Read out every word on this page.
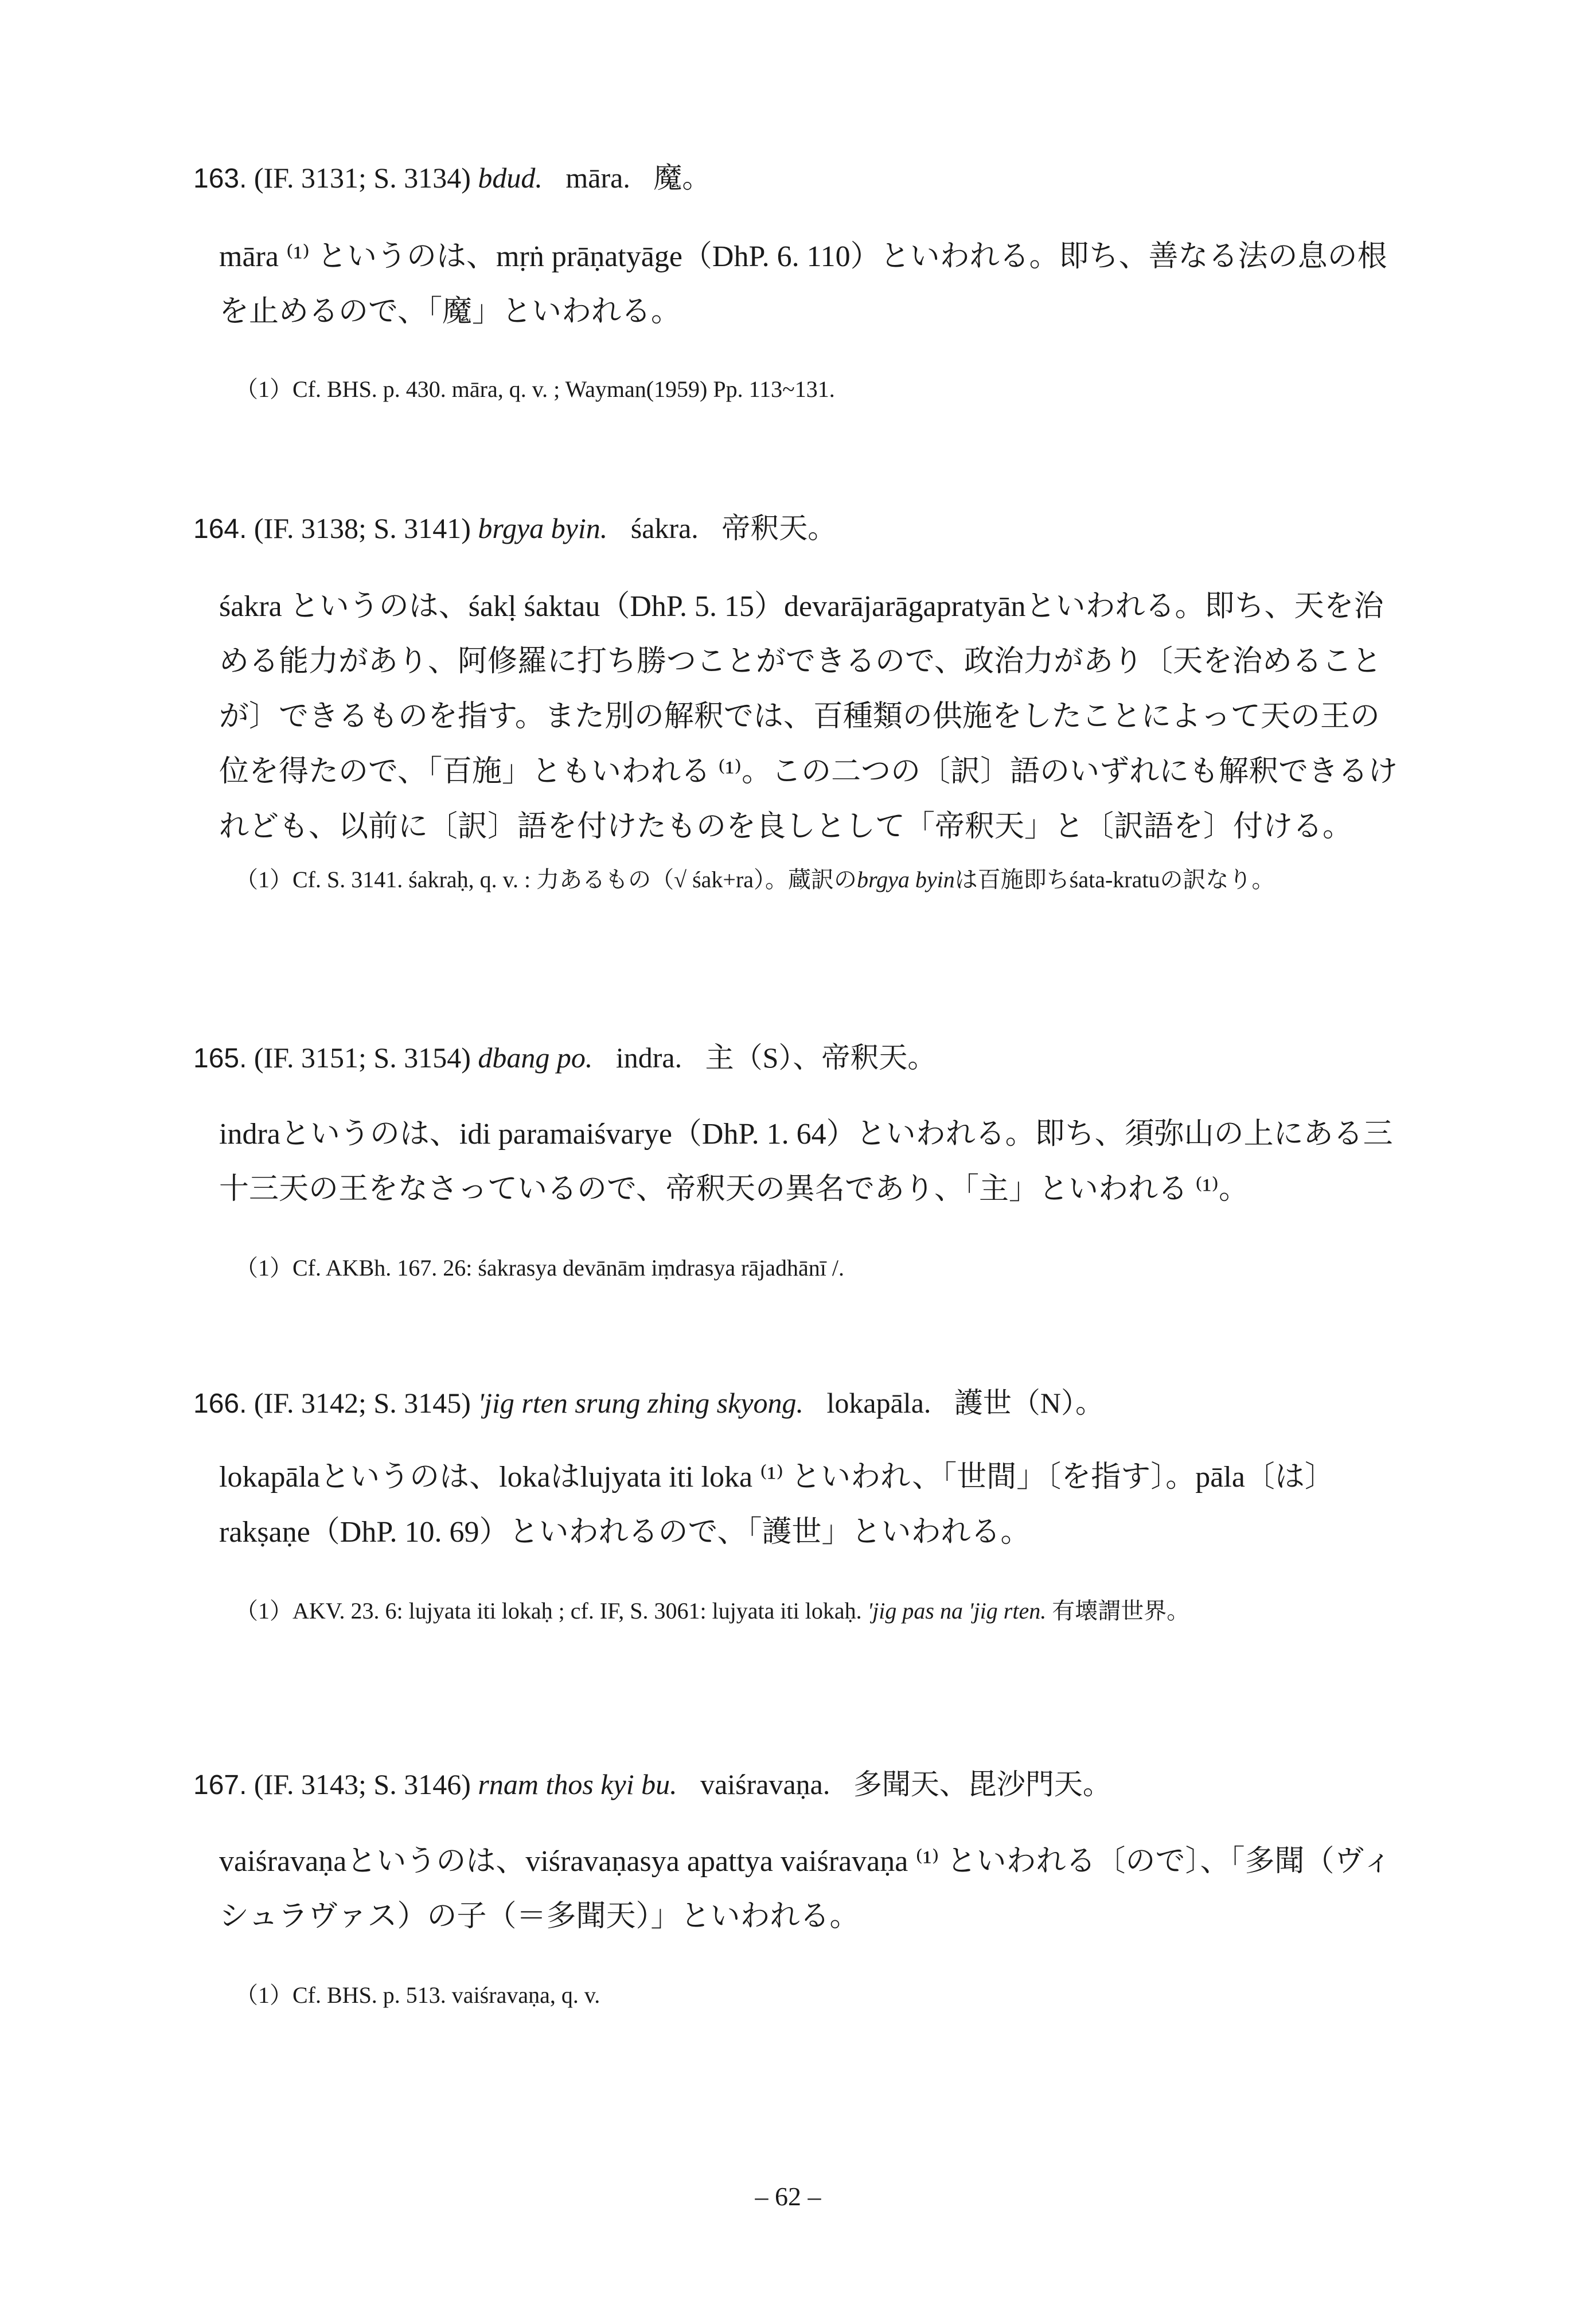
163. (IF. 3131; S. 3134) bdud. māra. 魔。
māra ⁽¹⁾ というのは、mṛṅ prāṇatyāge（DhP. 6. 110）といわれる。即ち、善なる法の息の根を止めるので、「魔」といわれる。
（1）Cf. BHS. p. 430. māra, q. v. ; Wayman(1959) Pp. 113~131.
164. (IF. 3138; S. 3141) brgya byin. śakra. 帝釈天。
śakra というのは、śakḷ śaktau（DhP. 5. 15）devarājarāgapratyānといわれる。即ち、天を治める能力があり、阿修羅に打ち勝つことができるので、政治力があり〔天を治めることが〕できるものを指す。また別の解釈では、百種類の供施をしたことによって天の王の位を得たので、「百施」ともいわれる ⁽¹⁾。この二つの〔訳〕語のいずれにも解釈できるけれども、以前に〔訳〕語を付けたものを良しとして「帝釈天」と〔訳語を〕付ける。
（1）Cf. S. 3141. śakraḥ, q. v. : 力あるもの（√ śak+ra）。蔵訳のbrgya byinは百施即ちśata-kratuの訳なり。
165. (IF. 3151; S. 3154) dbang po. indra. 主（S）、帝釈天。
indraというのは、idi paramaiśvarye（DhP. 1. 64）といわれる。即ち、須弥山の上にある三十三天の王をなさっているので、帝釈天の異名であり、「主」といわれる ⁽¹⁾。
（1）Cf. AKBh. 167. 26: śakrasya devānām iṃdrasya rājadhānī /.
166. (IF. 3142; S. 3145) 'jig rten srung zhing skyong. lokapāla. 護世（N）。
lokapālaというのは、lokaはlujyata iti loka ⁽¹⁾ といわれ、「世間」〔を指す〕。pāla〔は〕rakṣaṇe（DhP. 10. 69）といわれるので、「護世」といわれる。
（1）AKV. 23. 6: lujyata iti lokaḥ ; cf. IF, S. 3061: lujyata iti lokaḥ. 'jig pas na 'jig rten. 有壊謂世界。
167. (IF. 3143; S. 3146) rnam thos kyi bu. vaiśravaṇa. 多聞天、毘沙門天。
vaiśravaṇaというのは、viśravaṇasya apattya vaiśravaṇa ⁽¹⁾ といわれる〔ので〕、「多聞（ヴィシュラヴァス）の子（＝多聞天）」といわれる。
（1）Cf. BHS. p. 513. vaiśravaṇa, q. v.
– 62 –
